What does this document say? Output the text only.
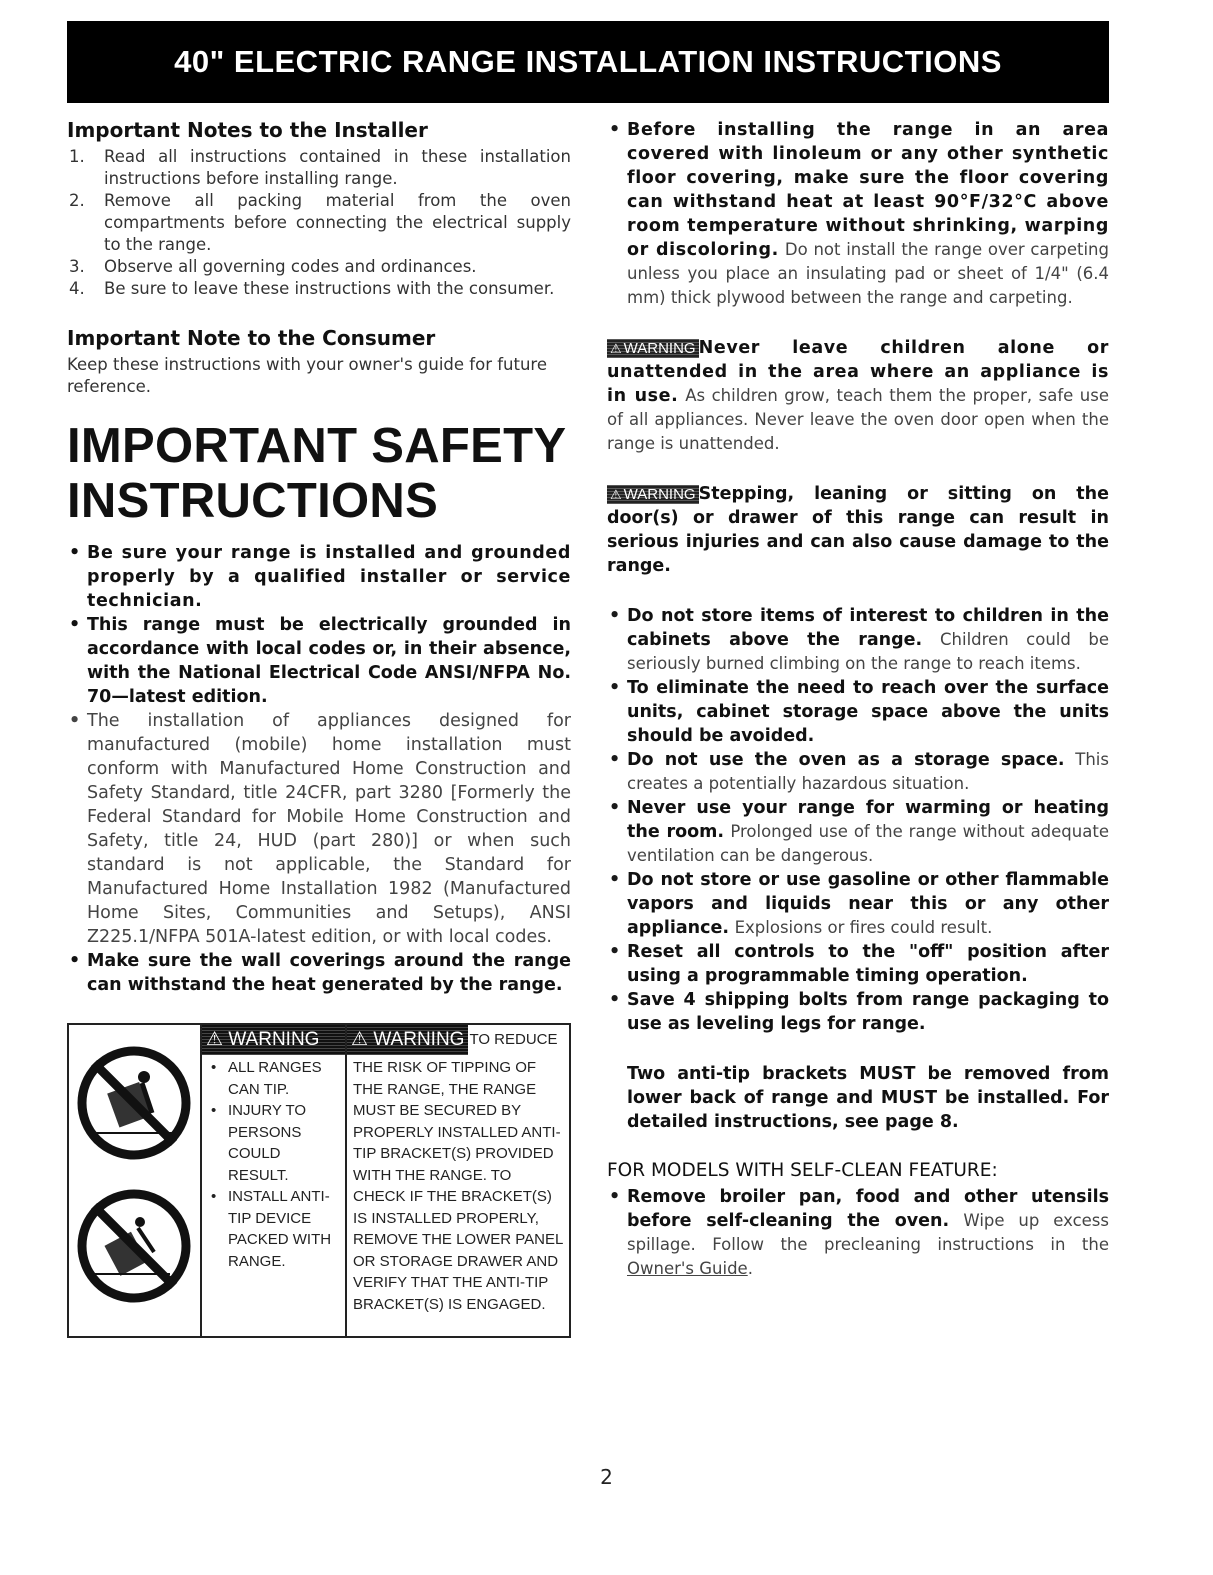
40" ELECTRIC RANGE INSTALLATION INSTRUCTIONS
Important Notes to the Installer
1. Read all instructions contained in these installation instructions before installing range.
2. Remove all packing material from the oven compartments before connecting the electrical supply to the range.
3. Observe all governing codes and ordinances.
4. Be sure to leave these instructions with the consumer.
Important Note to the Consumer
Keep these instructions with your owner's guide for future reference.
IMPORTANT SAFETY
INSTRUCTIONS
• Be sure your range is installed and grounded properly by a qualified installer or service technician.
• This range must be electrically grounded in accordance with local codes or, in their absence, with the National Electrical Code ANSI/NFPA No. 70—latest edition.
• The installation of appliances designed for manufactured (mobile) home installation must conform with Manufactured Home Construction and Safety Standard, title 24CFR, part 3280 [Formerly the Federal Standard for Mobile Home Construction and Safety, title 24, HUD (part 280)] or when such standard is not applicable, the Standard for Manufactured Home Installation 1982 (Manufactured Home Sites, Communities and Setups), ANSI Z225.1/NFPA 501A-latest edition, or with local codes.
• Make sure the wall coverings around the range can withstand the heat generated by the range.
⚠ WARNING
• ALL RANGES
CAN TIP.
• INJURY TO
PERSONS
COULD
RESULT.
• INSTALL ANTI-
TIP DEVICE
PACKED WITH
RANGE.
⚠ WARNING TO REDUCE
THE RISK OF TIPPING OF THE RANGE, THE RANGE MUST BE SECURED BY PROPERLY INSTALLED ANTI-TIP BRACKET(S) PROVIDED WITH THE RANGE. TO CHECK IF THE BRACKET(S) IS INSTALLED PROPERLY, REMOVE THE LOWER PANEL OR STORAGE DRAWER AND VERIFY THAT THE ANTI-TIP BRACKET(S) IS ENGAGED.
• Before installing the range in an area covered with linoleum or any other synthetic floor covering, make sure the floor covering can withstand heat at least 90°F/32°C above room temperature without shrinking, warping or discoloring. Do not install the range over carpeting unless you place an insulating pad or sheet of 1/4" (6.4 mm) thick plywood between the range and carpeting.
⚠ WARNING Never leave children alone or unattended in the area where an appliance is in use. As children grow, teach them the proper, safe use of all appliances. Never leave the oven door open when the range is unattended.
⚠ WARNING Stepping, leaning or sitting on the door(s) or drawer of this range can result in serious injuries and can also cause damage to the range.
• Do not store items of interest to children in the cabinets above the range. Children could be seriously burned climbing on the range to reach items.
• To eliminate the need to reach over the surface units, cabinet storage space above the units should be avoided.
• Do not use the oven as a storage space. This creates a potentially hazardous situation.
• Never use your range for warming or heating the room. Prolonged use of the range without adequate ventilation can be dangerous.
• Do not store or use gasoline or other flammable vapors and liquids near this or any other appliance. Explosions or fires could result.
• Reset all controls to the "off" position after using a programmable timing operation.
• Save 4 shipping bolts from range packaging to use as leveling legs for range.
Two anti-tip brackets MUST be removed from lower back of range and MUST be installed. For detailed instructions, see page 8.
FOR MODELS WITH SELF-CLEAN FEATURE:
• Remove broiler pan, food and other utensils before self-cleaning the oven. Wipe up excess spillage. Follow the precleaning instructions in the Owner's Guide.
2
